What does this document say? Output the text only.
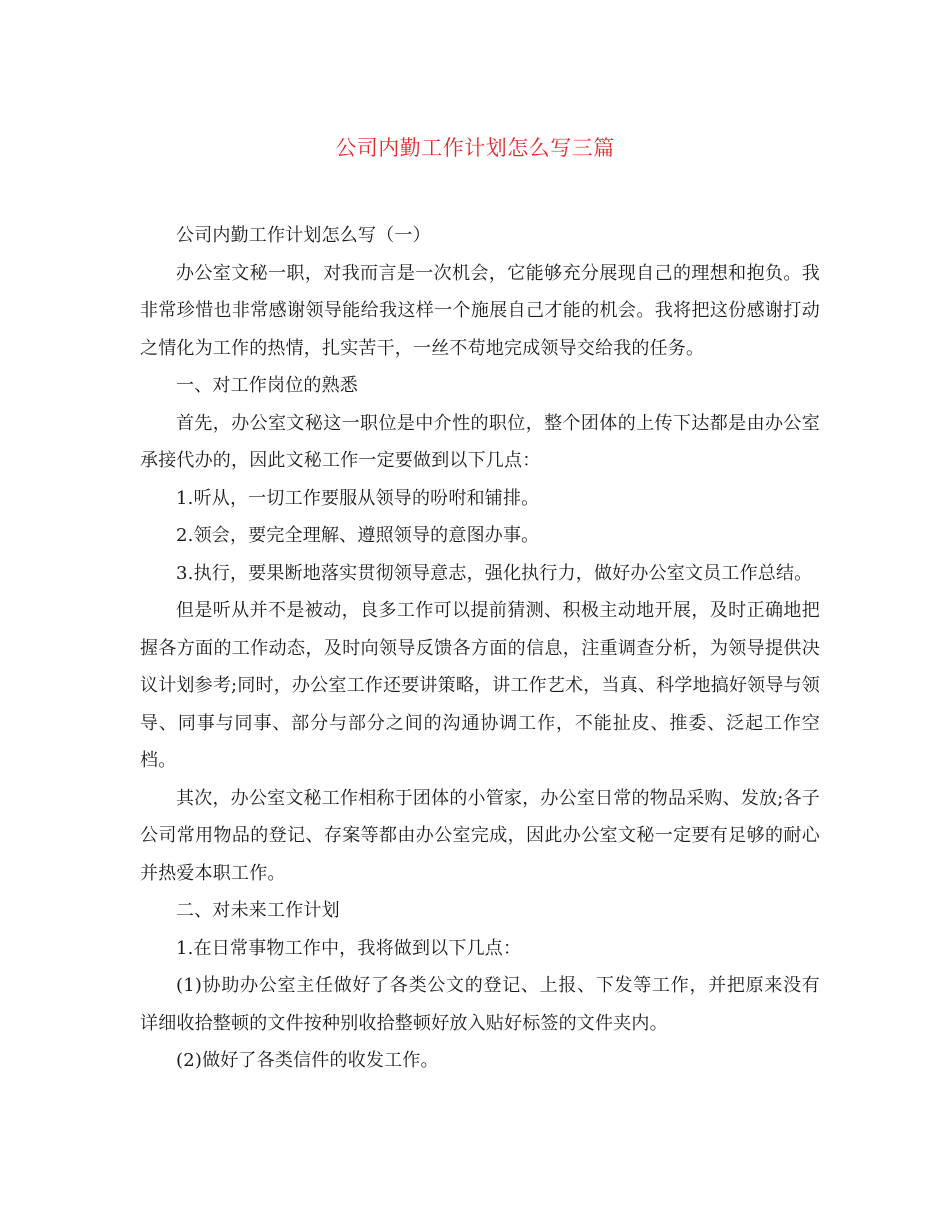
公司内勤工作计划怎么写三篇

公司内勤工作计划怎么写（一）

办公室文秘一职，对我而言是一次机会，它能够充分展现自己的理想和抱负。我非常珍惜也非常感谢领导能给我这样一个施展自己才能的机会。我将把这份感谢打动之情化为工作的热情，扎实苦干，一丝不苟地完成领导交给我的任务。

一、对工作岗位的熟悉

首先，办公室文秘这一职位是中介性的职位，整个团体的上传下达都是由办公室承接代办的，因此文秘工作一定要做到以下几点：

1.听从，一切工作要服从领导的吩咐和铺排。

2.领会，要完全理解、遵照领导的意图办事。

3.执行，要果断地落实贯彻领导意志，强化执行力，做好办公室文员工作总结。

但是听从并不是被动，良多工作可以提前猜测、积极主动地开展，及时正确地把握各方面的工作动态，及时向领导反馈各方面的信息，注重调查分析，为领导提供决议计划参考;同时，办公室工作还要讲策略，讲工作艺术，当真、科学地搞好领导与领导、同事与同事、部分与部分之间的沟通协调工作，不能扯皮、推委、泛起工作空档。

其次，办公室文秘工作相称于团体的小管家，办公室日常的物品采购、发放;各子公司常用物品的登记、存案等都由办公室完成，因此办公室文秘一定要有足够的耐心并热爱本职工作。

二、对未来工作计划

1.在日常事物工作中，我将做到以下几点：

(1)协助办公室主任做好了各类公文的登记、上报、下发等工作，并把原来没有详细收拾整顿的文件按种别收拾整顿好放入贴好标签的文件夹内。

(2)做好了各类信件的收发工作。
